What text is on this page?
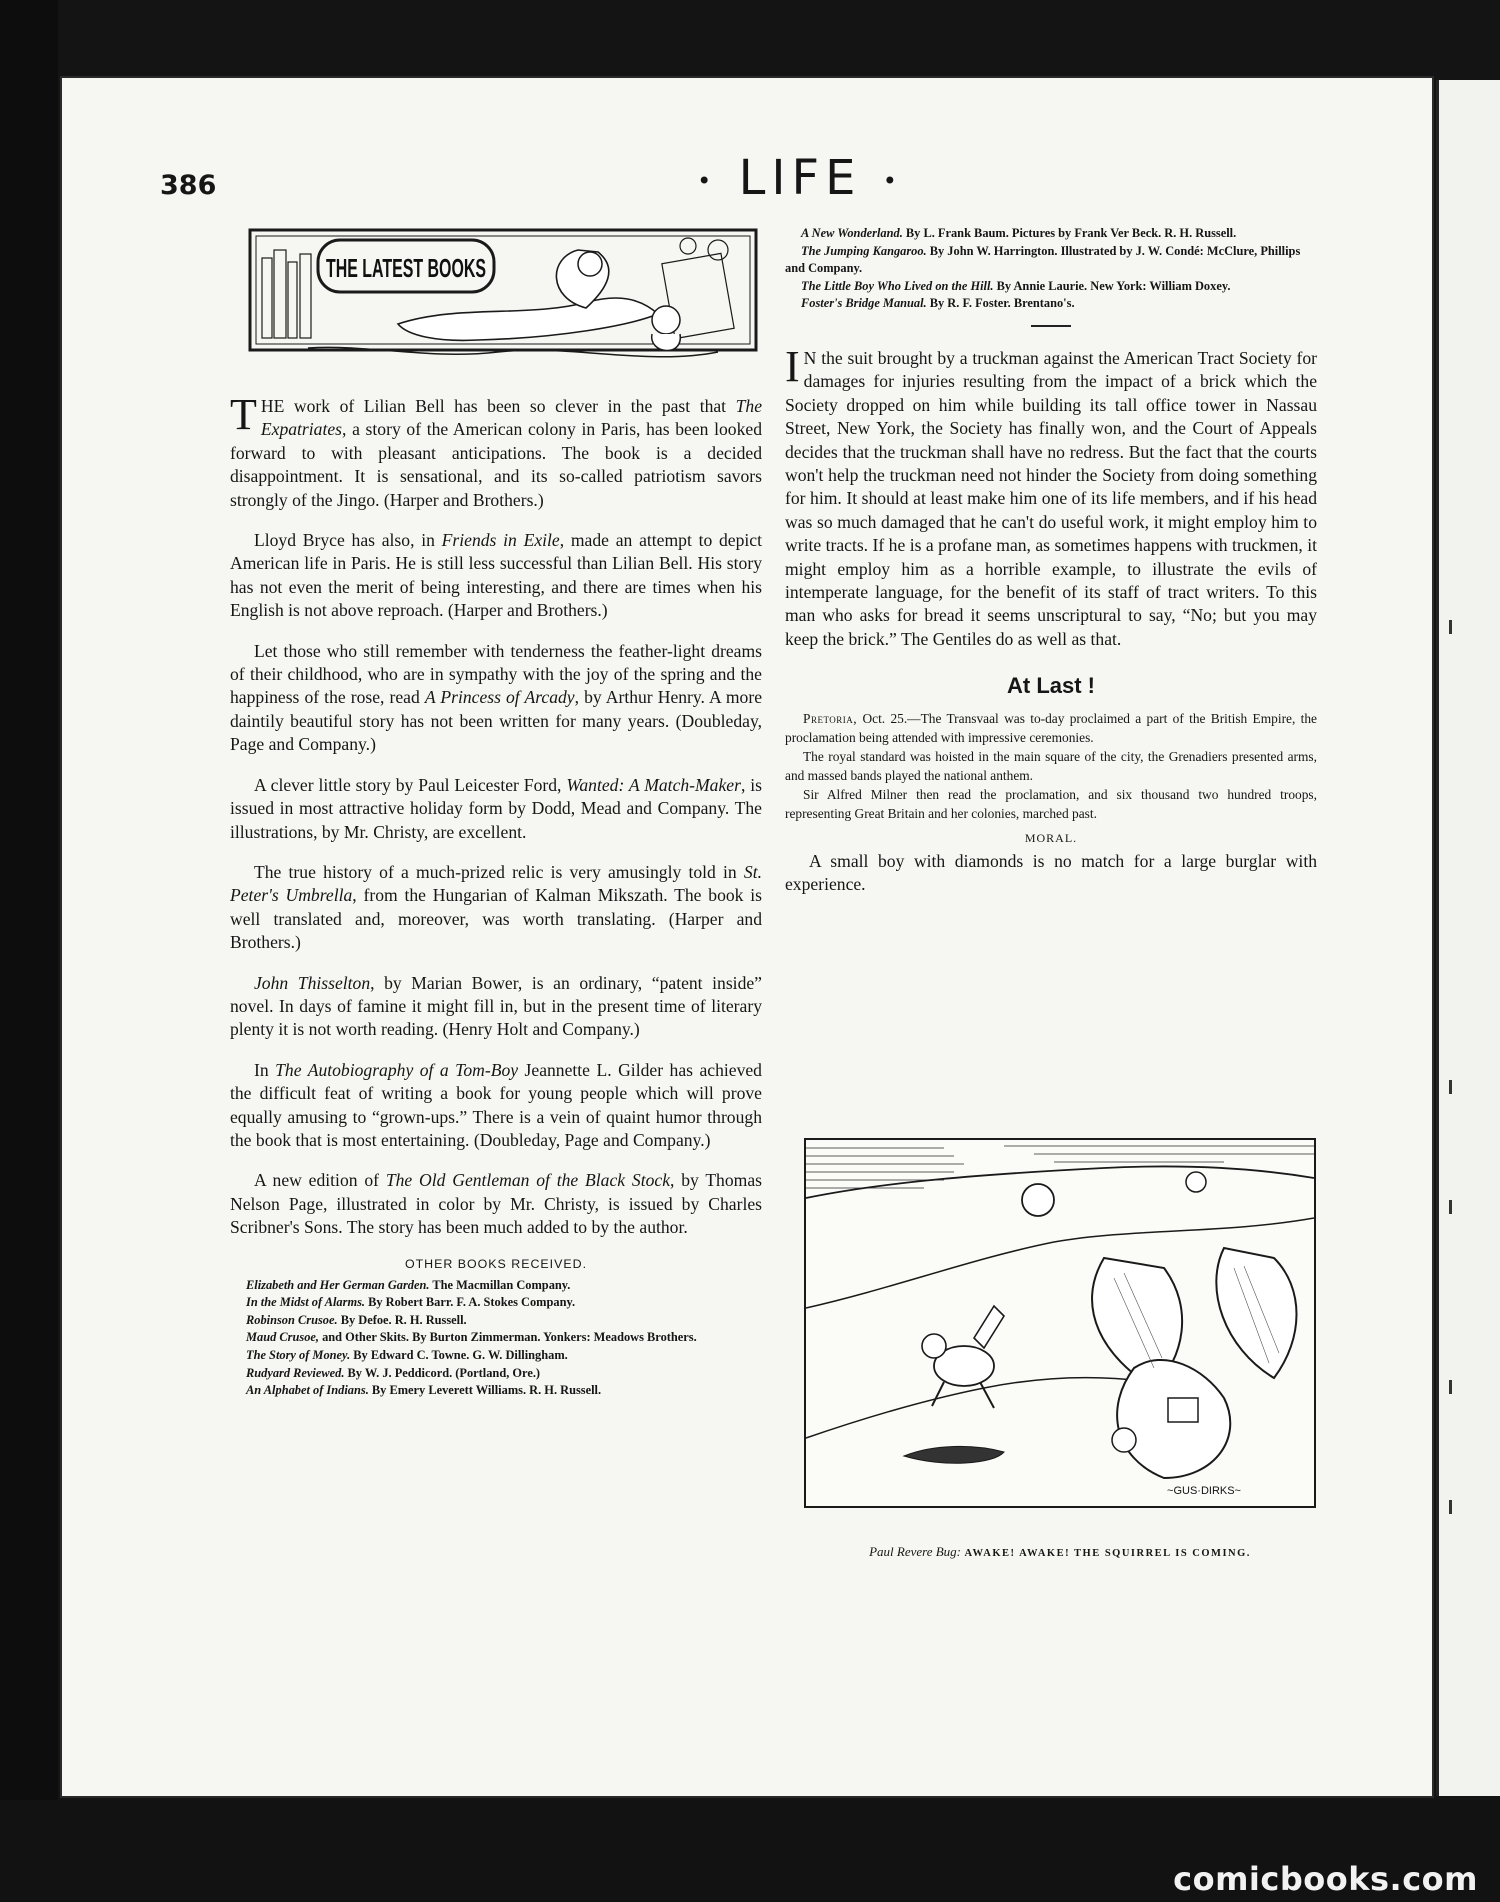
386	• LIFE •
THE LATEST BOOKS

THE work of Lilian Bell has been so clever in the past that The Expatriates, a story of the American colony in Paris, has been looked forward to with pleasant anticipations. The book is a decided disappointment. It is sensational, and its so-called patriotism savors strongly of the Jingo. (Harper and Brothers.)

Lloyd Bryce has also, in Friends in Exile, made an attempt to depict American life in Paris. He is still less successful than Lilian Bell. His story has not even the merit of being interesting, and there are times when his English is not above reproach. (Harper and Brothers.)

Let those who still remember with tenderness the feather-light dreams of their childhood, who are in sympathy with the joy of the spring and the happiness of the rose, read A Princess of Arcady, by Arthur Henry. A more daintily beautiful story has not been written for many years. (Doubleday, Page and Company.)

A clever little story by Paul Leicester Ford, Wanted: A Match-Maker, is issued in most attractive holiday form by Dodd, Mead and Company. The illustrations, by Mr. Christy, are excellent.

The true history of a much-prized relic is very amusingly told in St. Peter's Umbrella, from the Hungarian of Kalman Mikszath. The book is well translated and, moreover, was worth translating. (Harper and Brothers.)

John Thisselton, by Marian Bower, is an ordinary, “patent inside” novel. In days of famine it might fill in, but in the present time of literary plenty it is not worth reading. (Henry Holt and Company.)

In The Autobiography of a Tom-Boy Jeannette L. Gilder has achieved the difficult feat of writing a book for young people which will prove equally amusing to “grown-ups.” There is a vein of quaint humor through the book that is most entertaining. (Doubleday, Page and Company.)

A new edition of The Old Gentleman of the Black Stock, by Thomas Nelson Page, illustrated in color by Mr. Christy, is issued by Charles Scribner's Sons. The story has been much added to by the author.

OTHER BOOKS RECEIVED.

Elizabeth and Her German Garden. The Macmillan Company.

In the Midst of Alarms. By Robert Barr. F. A. Stokes Company.

Robinson Crusoe. By Defoe. R. H. Russell.

Maud Crusoe, and Other Skits. By Burton Zimmerman. Yonkers: Meadows Brothers.

The Story of Money. By Edward C. Towne. G. W. Dillingham.

Rudyard Reviewed. By W. J. Peddicord. (Portland, Ore.)

An Alphabet of Indians. By Emery Leverett Williams. R. H. Russell.

A New Wonderland. By L. Frank Baum. Pictures by Frank Ver Beck. R. H. Russell.

The Jumping Kangaroo. By John W. Harrington. Illustrated by J. W. Condé: McClure, Phillips and Company.

The Little Boy Who Lived on the Hill. By Annie Laurie. New York: William Doxey.

Foster's Bridge Manual. By R. F. Foster. Brentano's.

I N the suit brought by a truckman against the American Tract Society for damages for injuries resulting from the impact of a brick which the Society dropped on him while building its tall office tower in Nassau Street, New York, the Society has finally won, and the Court of Appeals decides that the truckman shall have no redress. But the fact that the courts won't help the truckman need not hinder the Society from doing something for him. It should at least make him one of its life members, and if his head was so much damaged that he can't do useful work, it might employ him to write tracts. If he is a profane man, as sometimes happens with truckmen, it might employ him as a horrible example, to illustrate the evils of intemperate language, for the benefit of its staff of tract writers. To this man who asks for bread it seems unscriptural to say, “No; but you may keep the brick.” The Gentiles do as well as that.

At Last !

Pretoria, Oct. 25.—The Transvaal was to-day proclaimed a part of the British Empire, the proclamation being attended with impressive ceremonies.

The royal standard was hoisted in the main square of the city, the Grenadiers presented arms, and massed bands played the national anthem.

Sir Alfred Milner then read the proclamation, and six thousand two hundred troops, representing Great Britain and her colonies, marched past.

MORAL.

A small boy with diamonds is no match for a large burglar with experience.

~GUS·DIRKS~
Paul Revere Bug: AWAKE! AWAKE! THE SQUIRREL IS COMING.
comicbooks.com
